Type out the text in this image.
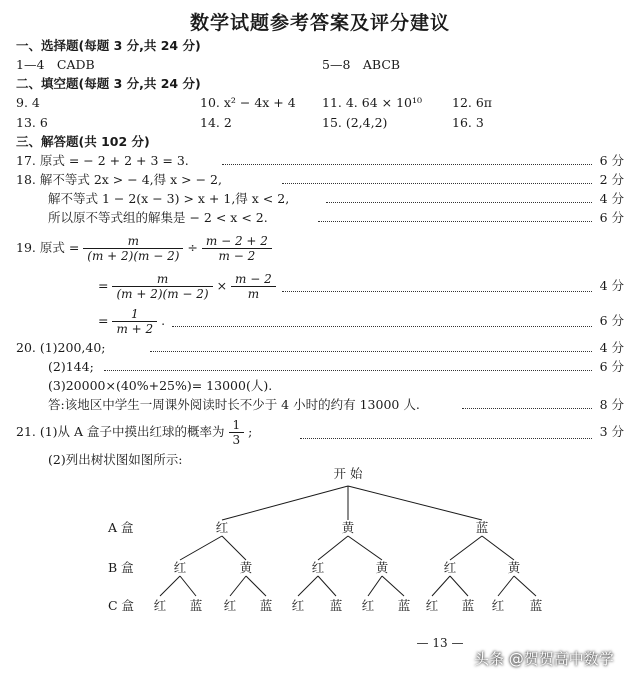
数学试题参考答案及评分建议
一、选择题(每题 3 分,共 24 分)
1—4　CADB	5—8　ABCB
二、填空题(每题 3 分,共 24 分)
9. 4	10. x² − 4x + 4 11. 4. 64 × 10¹⁰ 12. 6π
13. 6	14. 2	15. (2,4,2)	16. 3
三、解答题(共 102 分)
17. 原式 = − 2 + 2 + 3 = 3.	6 分
18. 解不等式 2x > − 4,得 x > − 2,	2 分
解不等式 1 − 2(x − 3) > x + 1,得 x < 2,	4 分
所以原不等式组的解集是 − 2 < x < 2.	6 分
19. 原式 = $\frac{m}{(m + 2)(m - 2)} \div \frac{m - 2 + 2}{m - 2}$
= $\frac{m}{(m + 2)(m - 2)} \times \frac{m - 2}{m}$	4 分
= $\frac{1}{m + 2}$ .	6 分
20. (1)200,40;	4 分
(2)144;	6 分
(3)20000×(40%+25%)= 13000(人).
答:该地区中学生一周课外阅读时长不少于 4 小时的约有 13000 人.	8 分
21. (1)从 A 盒子中摸出红球的概率为 $\frac{1}{3}$ ;	3 分
(2)列出树状图如图所示:
开 始
A 盒
B 盒
C 盒
红	黄	蓝
红	黄	红	黄	红	黄
红 蓝 红 蓝 红 蓝 红 蓝 红 蓝 红 蓝
— 13 —
头条 @贺贺高中数学
